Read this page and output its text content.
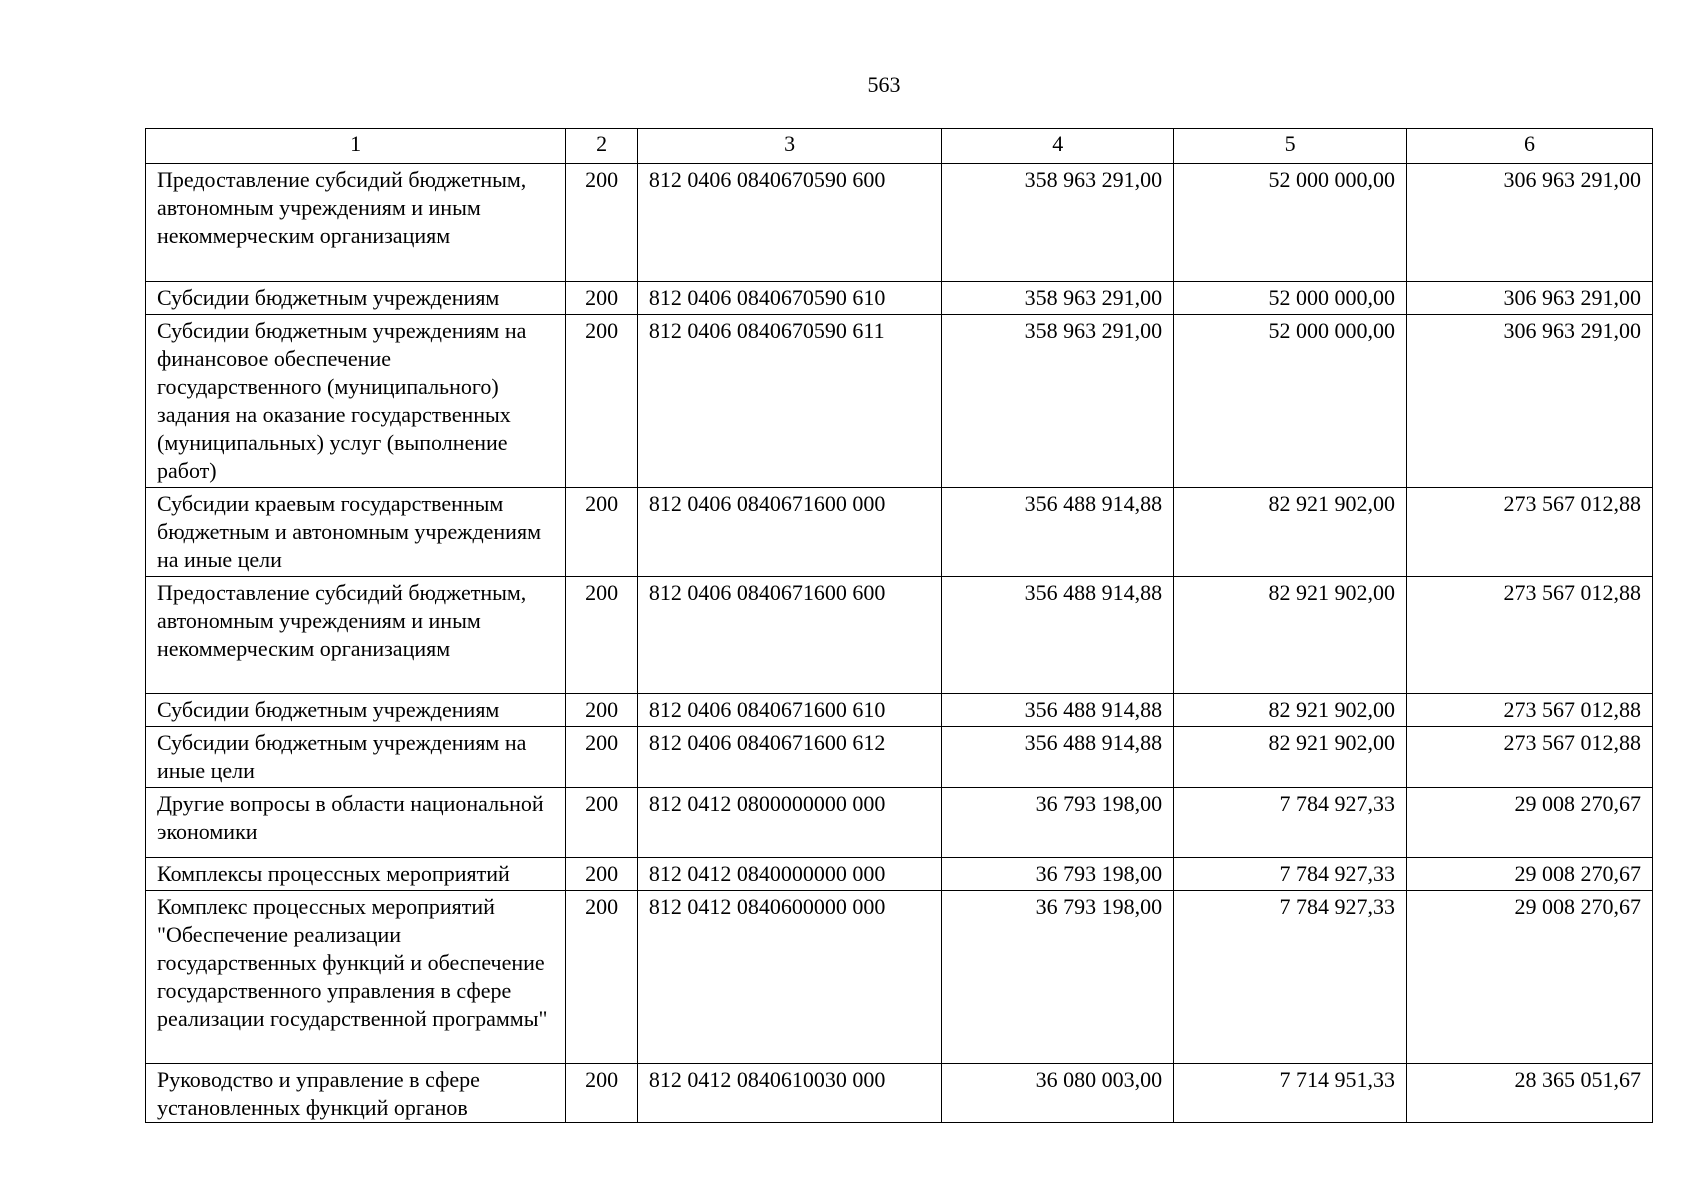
563
1	2	3	4	5	6
Предоставление субсидий бюджетным, автономным учреждениям и иным некоммерческим организациям	200	812 0406 0840670590 600	358 963 291,00	52 000 000,00	306 963 291,00
Субсидии бюджетным учреждениям	200	812 0406 0840670590 610	358 963 291,00	52 000 000,00	306 963 291,00
Субсидии бюджетным учреждениям на финансовое обеспечение государственного (муниципального) задания на оказание государственных (муниципальных) услуг (выполнение работ)	200	812 0406 0840670590 611	358 963 291,00	52 000 000,00	306 963 291,00
Субсидии краевым государственным бюджетным и автономным учреждениям на иные цели	200	812 0406 0840671600 000	356 488 914,88	82 921 902,00	273 567 012,88
Предоставление субсидий бюджетным, автономным учреждениям и иным некоммерческим организациям	200	812 0406 0840671600 600	356 488 914,88	82 921 902,00	273 567 012,88
Субсидии бюджетным учреждениям	200	812 0406 0840671600 610	356 488 914,88	82 921 902,00	273 567 012,88
Субсидии бюджетным учреждениям на иные цели	200	812 0406 0840671600 612	356 488 914,88	82 921 902,00	273 567 012,88
Другие вопросы в области национальной экономики	200	812 0412 0800000000 000	36 793 198,00	7 784 927,33	29 008 270,67
Комплексы процессных мероприятий	200	812 0412 0840000000 000	36 793 198,00	7 784 927,33	29 008 270,67
Комплекс процессных мероприятий "Обеспечение реализации государственных функций и обеспечение государственного управления в сфере реализации государственной программы"	200	812 0412 0840600000 000	36 793 198,00	7 784 927,33	29 008 270,67
Руководство и управление в сфере установленных функций органов	200	812 0412 0840610030 000	36 080 003,00	7 714 951,33	28 365 051,67
